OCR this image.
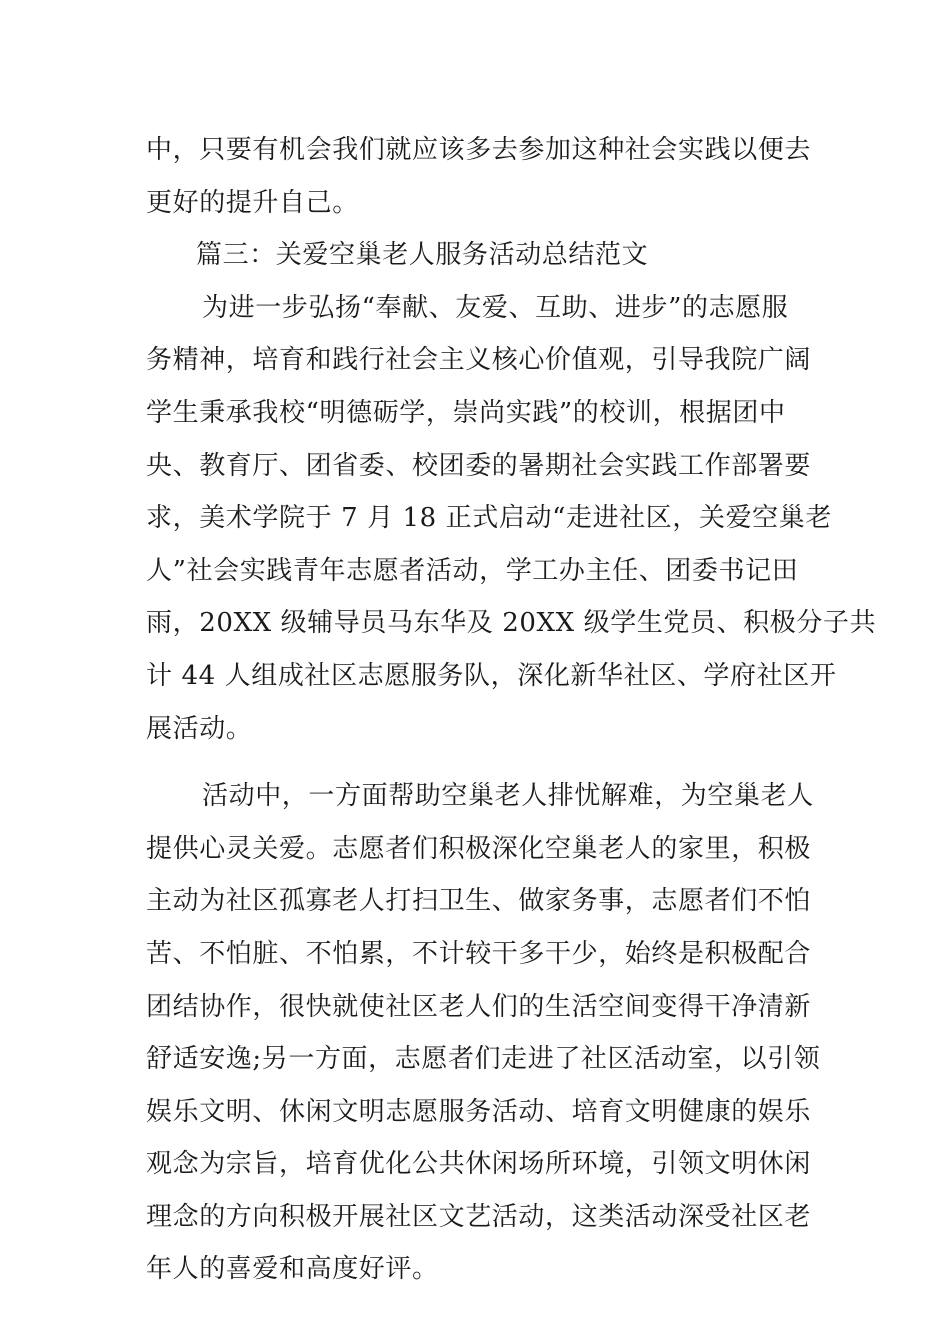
中，只要有机会我们就应该多去参加这种社会实践以便去
更好的提升自己。
篇三：关爱空巢老人服务活动总结范文
为进一步弘扬“奉献、友爱、互助、进步”的志愿服
务精神，培育和践行社会主义核心价值观，引导我院广阔
学生秉承我校“明德砺学，崇尚实践”的校训，根据团中
央、教育厅、团省委、校团委的暑期社会实践工作部署要
求，美术学院于 7 月 18 正式启动“走进社区，关爱空巢老
人”社会实践青年志愿者活动，学工办主任、团委书记田
雨，20XX 级辅导员马东华及 20XX 级学生党员、积极分子共
计 44 人组成社区志愿服务队，深化新华社区、学府社区开
展活动。
活动中，一方面帮助空巢老人排忧解难，为空巢老人
提供心灵关爱。志愿者们积极深化空巢老人的家里，积极
主动为社区孤寡老人打扫卫生、做家务事，志愿者们不怕
苦、不怕脏、不怕累，不计较干多干少，始终是积极配合
团结协作，很快就使社区老人们的生活空间变得干净清新
舒适安逸;另一方面，志愿者们走进了社区活动室，以引领
娱乐文明、休闲文明志愿服务活动、培育文明健康的娱乐
观念为宗旨，培育优化公共休闲场所环境，引领文明休闲
理念的方向积极开展社区文艺活动，这类活动深受社区老
年人的喜爱和高度好评。
